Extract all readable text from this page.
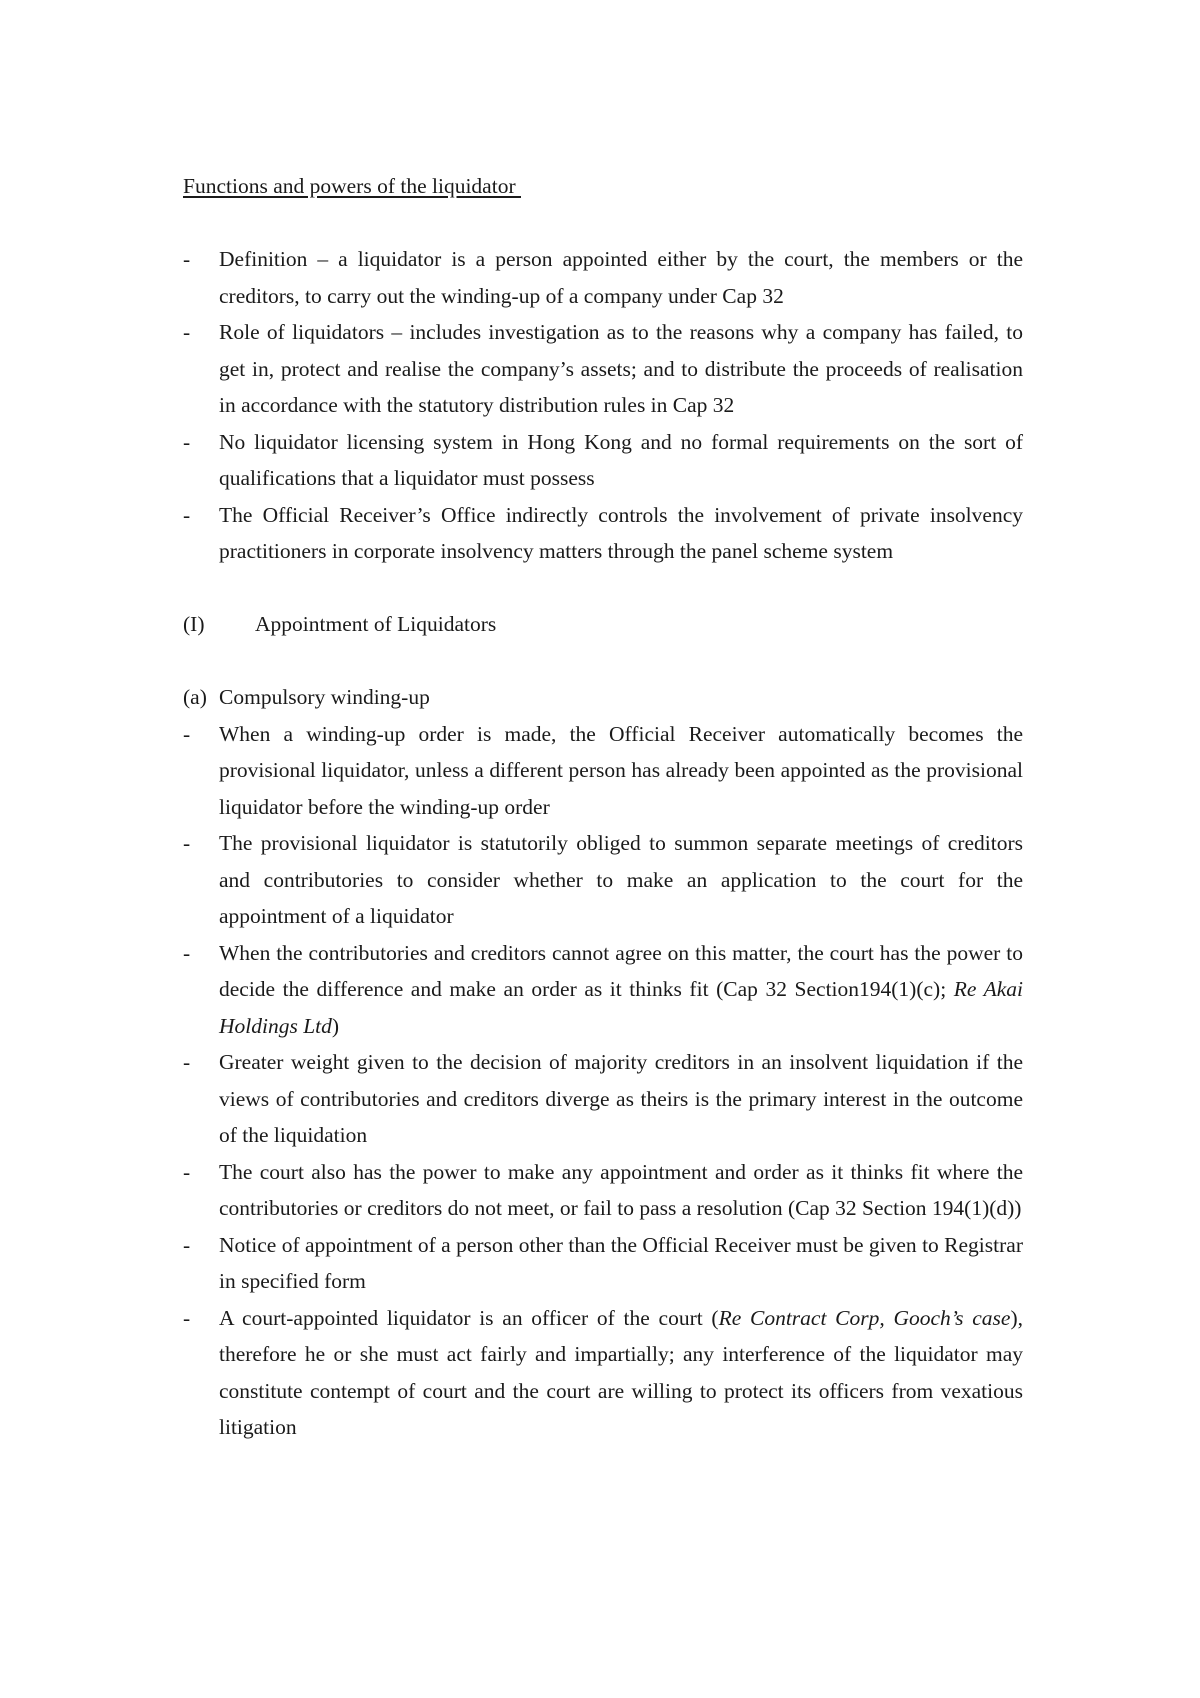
Functions and powers of the liquidator
- Definition – a liquidator is a person appointed either by the court, the members or the creditors, to carry out the winding-up of a company under Cap 32
- Role of liquidators – includes investigation as to the reasons why a company has failed, to get in, protect and realise the company’s assets; and to distribute the proceeds of realisation in accordance with the statutory distribution rules in Cap 32
- No liquidator licensing system in Hong Kong and no formal requirements on the sort of qualifications that a liquidator must possess
- The Official Receiver’s Office indirectly controls the involvement of private insolvency practitioners in corporate insolvency matters through the panel scheme system
(I)	Appointment of Liquidators
(a) Compulsory winding-up
- When a winding-up order is made, the Official Receiver automatically becomes the provisional liquidator, unless a different person has already been appointed as the provisional liquidator before the winding-up order
- The provisional liquidator is statutorily obliged to summon separate meetings of creditors and contributories to consider whether to make an application to the court for the appointment of a liquidator
- When the contributories and creditors cannot agree on this matter, the court has the power to decide the difference and make an order as it thinks fit (Cap 32 Section194(1)(c); Re Akai Holdings Ltd)
- Greater weight given to the decision of majority creditors in an insolvent liquidation if the views of contributories and creditors diverge as theirs is the primary interest in the outcome of the liquidation
- The court also has the power to make any appointment and order as it thinks fit where the contributories or creditors do not meet, or fail to pass a resolution (Cap 32 Section 194(1)(d))
- Notice of appointment of a person other than the Official Receiver must be given to Registrar in specified form
- A court-appointed liquidator is an officer of the court (Re Contract Corp, Gooch’s case), therefore he or she must act fairly and impartially; any interference of the liquidator may constitute contempt of court and the court are willing to protect its officers from vexatious litigation
